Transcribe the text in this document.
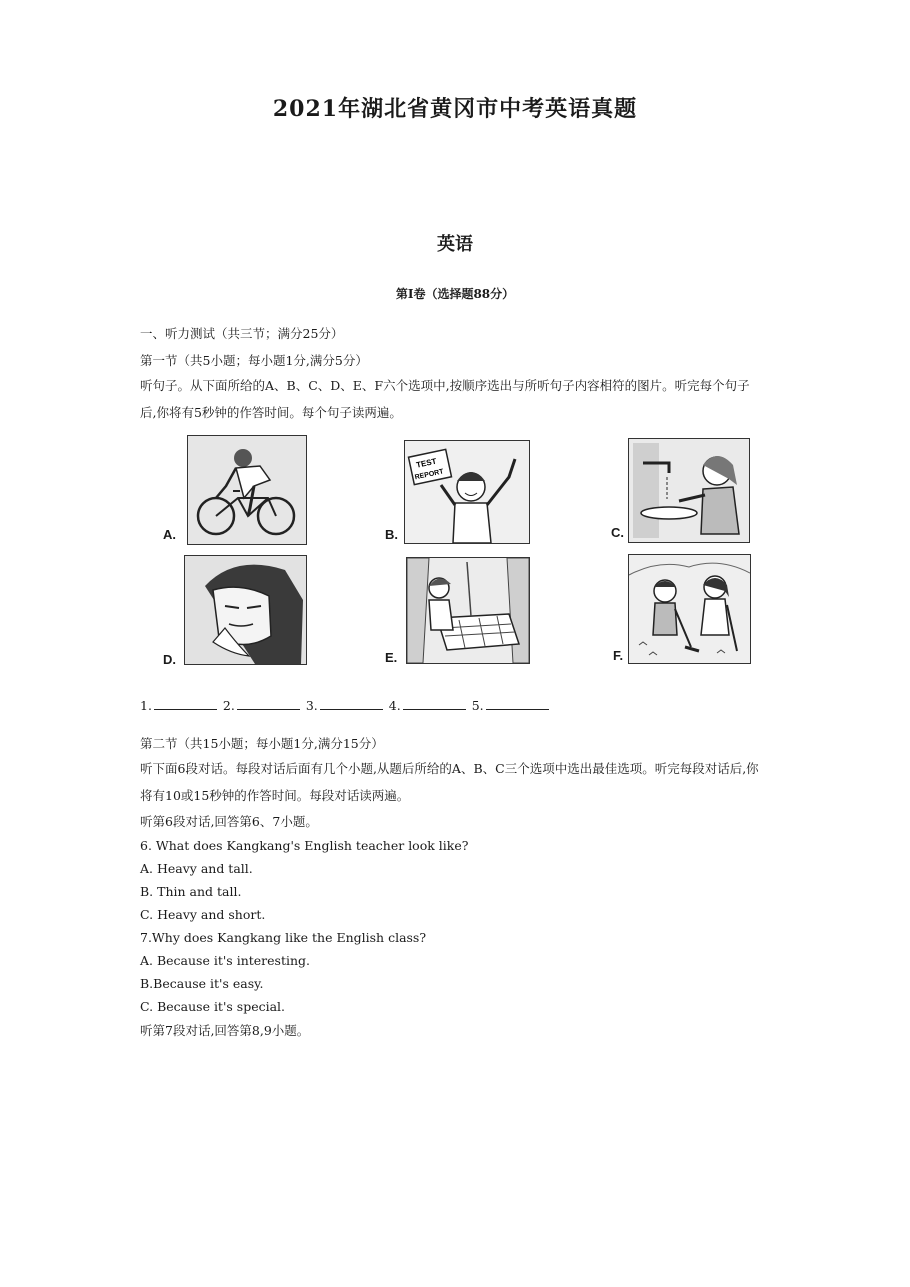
2021年湖北省黄冈市中考英语真题
英语
第Ⅰ卷（选择题88分）
一、听力测试（共三节；满分25分）
第一节（共5小题；每小题1分,满分5分）
听句子。从下面所给的A、B、C、D、E、F六个选项中,按顺序选出与所听句子内容相符的图片。听完每个句子后,你将有5秒钟的作答时间。每个句子读两遍。
A.
TEST
REPORT
B.	C.
D.	E.	F.
1.	2.	3.	4.	5.
第二节（共15小题；每小题1分,满分15分）
听下面6段对话。每段对话后面有几个小题,从题后所给的A、B、C三个选项中选出最佳选项。听完每段对话后,你将有10或15秒钟的作答时间。每段对话读两遍。
听第6段对话,回答第6、7小题。
6. What does Kangkang's English teacher look like?
A. Heavy and tall.
B. Thin and tall.
C. Heavy and short.
7.Why does Kangkang like the English class?
A. Because it's interesting.
B.Because it's easy.
C. Because it's special.
听第7段对话,回答第8,9小题。
